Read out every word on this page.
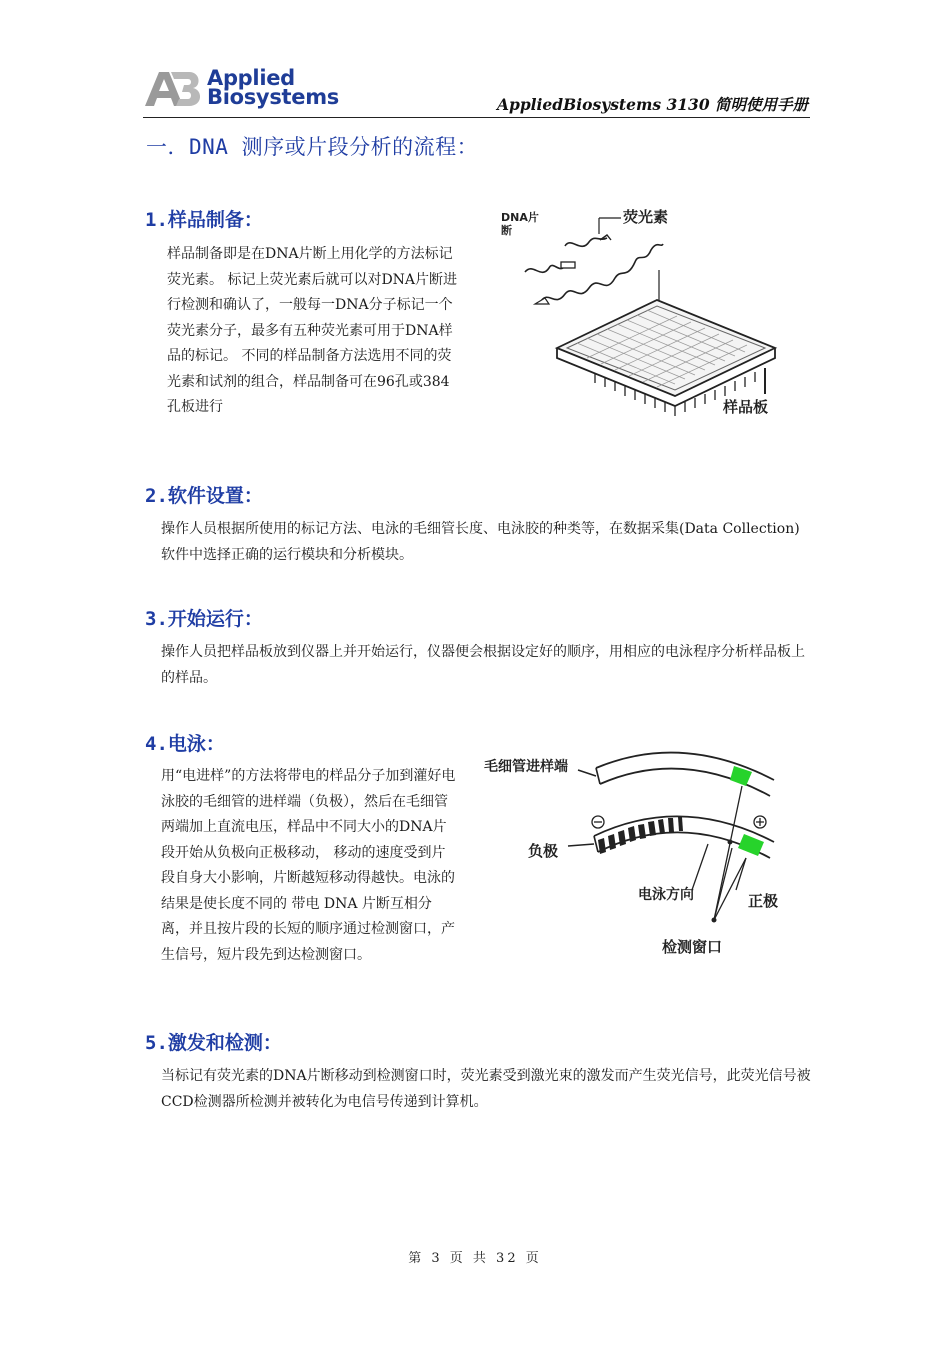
Applied
Biosystems	AppliedBiosystems 3130 简明使用手册
一．DNA 测序或片段分析的流程：
1.样品制备：
样品制备即是在DNA片断上用化学的方法标记荧光素。 标记上荧光素后就可以对DNA片断进行检测和确认了，一般每一DNA分子标记一个荧光素分子，最多有五种荧光素可用于DNA样品的标记。 不同的样品制备方法选用不同的荧光素和试剂的组合，样品制备可在96孔或384孔板进行
DNA片
断
荧光素
样品板
2.软件设置：
操作人员根据所使用的标记方法、电泳的毛细管长度、电泳胶的种类等，在数据采集(Data Collection)软件中选择正确的运行模块和分析模块。
3.开始运行：
操作人员把样品板放到仪器上并开始运行，仪器便会根据设定好的顺序，用相应的电泳程序分析样品板上的样品。
4.电泳：
用“电进样”的方法将带电的样品分子加到灌好电泳胶的毛细管的进样端（负极），然后在毛细管两端加上直流电压，样品中不同大小的DNA片段开始从负极向正极移动， 移动的速度受到片段自身大小影响，片断越短移动得越快。电泳的结果是使长度不同的 带电 DNA 片断互相分离，并且按片段的长短的顺序通过检测窗口，产生信号，短片段先到达检测窗口。
毛细管进样端
负极
电泳方向	正极
检测窗口
5.激发和检测：
当标记有荧光素的DNA片断移动到检测窗口时，荧光素受到激光束的激发而产生荧光信号，此荧光信号被CCD检测器所检测并被转化为电信号传递到计算机。
第 3 页 共 32 页
